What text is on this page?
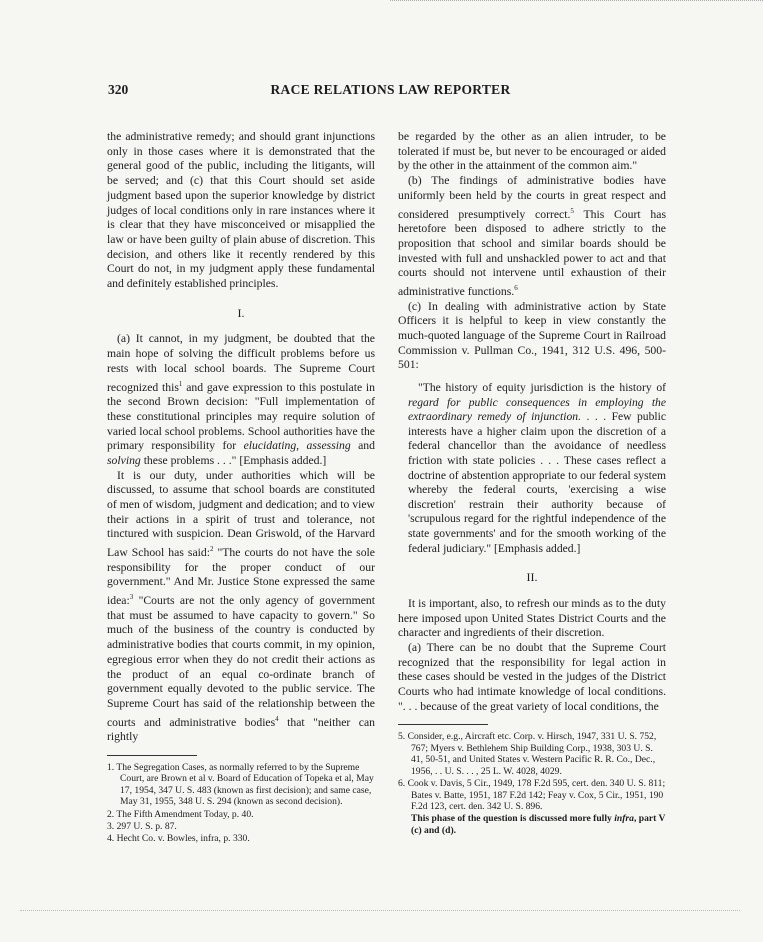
320	RACE RELATIONS LAW REPORTER

the administrative remedy; and should grant injunctions only in those cases where it is demonstrated that the general good of the public, including the litigants, will be served; and (c) that this Court should set aside judgment based upon the superior knowledge by district judges of local conditions only in rare instances where it is clear that they have misconceived or misapplied the law or have been guilty of plain abuse of discretion. This decision, and others like it recently rendered by this Court do not, in my judgment apply these fundamental and definitely established principles.

I.

(a) It cannot, in my judgment, be doubted that the main hope of solving the difficult problems before us rests with local school boards. The Supreme Court recognized this$^1$ and gave expression to this postulate in the second Brown decision: "Full implementation of these constitutional principles may require solution of varied local school problems. School authorities have the primary responsibility for elucidating, assessing and solving these problems . . ." [Emphasis added.]

It is our duty, under authorities which will be discussed, to assume that school boards are constituted of men of wisdom, judgment and dedication; and to view their actions in a spirit of trust and tolerance, not tinctured with suspicion. Dean Griswold, of the Harvard Law School has said:$^2$ "The courts do not have the sole responsibility for the proper conduct of our government." And Mr. Justice Stone expressed the same idea:$^3$ "Courts are not the only agency of government that must be assumed to have capacity to govern." So much of the business of the country is conducted by administrative bodies that courts commit, in my opinion, egregious error when they do not credit their actions as the product of an equal co-ordinate branch of government equally devoted to the public service. The Supreme Court has said of the relationship between the courts and administrative bodies$^4$ that "neither can rightly

1. The Segregation Cases, as normally referred to by the Supreme Court, are Brown et al v. Board of Education of Topeka et al, May 17, 1954, 347 U. S. 483 (known as first decision); and same case, May 31, 1955, 348 U. S. 294 (known as second decision).
2. The Fifth Amendment Today, p. 40.
3. 297 U. S. p. 87.
4. Hecht Co. v. Bowles, infra, p. 330.

be regarded by the other as an alien intruder, to be tolerated if must be, but never to be encouraged or aided by the other in the attainment of the common aim."

(b) The findings of administrative bodies have uniformly been held by the courts in great respect and considered presumptively correct.$^5$ This Court has heretofore been disposed to adhere strictly to the proposition that school and similar boards should be invested with full and unshackled power to act and that courts should not intervene until exhaustion of their administrative functions.$^6$

(c) In dealing with administrative action by State Officers it is helpful to keep in view constantly the much-quoted language of the Supreme Court in Railroad Commission v. Pullman Co., 1941, 312 U.S. 496, 500-501:

"The history of equity jurisdiction is the history of regard for public consequences in employing the extraordinary remedy of injunction. . . . Few public interests have a higher claim upon the discretion of a federal chancellor than the avoidance of needless friction with state policies . . . These cases reflect a doctrine of abstention appropriate to our federal system whereby the federal courts, 'exercising a wise discretion' restrain their authority because of 'scrupulous regard for the rightful independence of the state governments' and for the smooth working of the federal judiciary." [Emphasis added.]

II.

It is important, also, to refresh our minds as to the duty here imposed upon United States District Courts and the character and ingredients of their discretion.

(a) There can be no doubt that the Supreme Court recognized that the responsibility for legal action in these cases should be vested in the judges of the District Courts who had intimate knowledge of local conditions. ". . . because of the great variety of local conditions, the

5. Consider, e.g., Aircraft etc. Corp. v. Hirsch, 1947, 331 U. S. 752, 767; Myers v. Bethlehem Ship Building Corp., 1938, 303 U. S. 41, 50-51, and United States v. Western Pacific R. R. Co., Dec., 1956, . . U. S. . . , 25 L. W. 4028, 4029.
6. Cook v. Davis, 5 Cir., 1949, 178 F.2d 595, cert. den. 340 U. S. 811; Bates v. Batte, 1951, 187 F.2d 142; Feay v. Cox, 5 Cir., 1951, 190 F.2d 123, cert. den. 342 U. S. 896.
This phase of the question is discussed more fully infra, part V (c) and (d).
